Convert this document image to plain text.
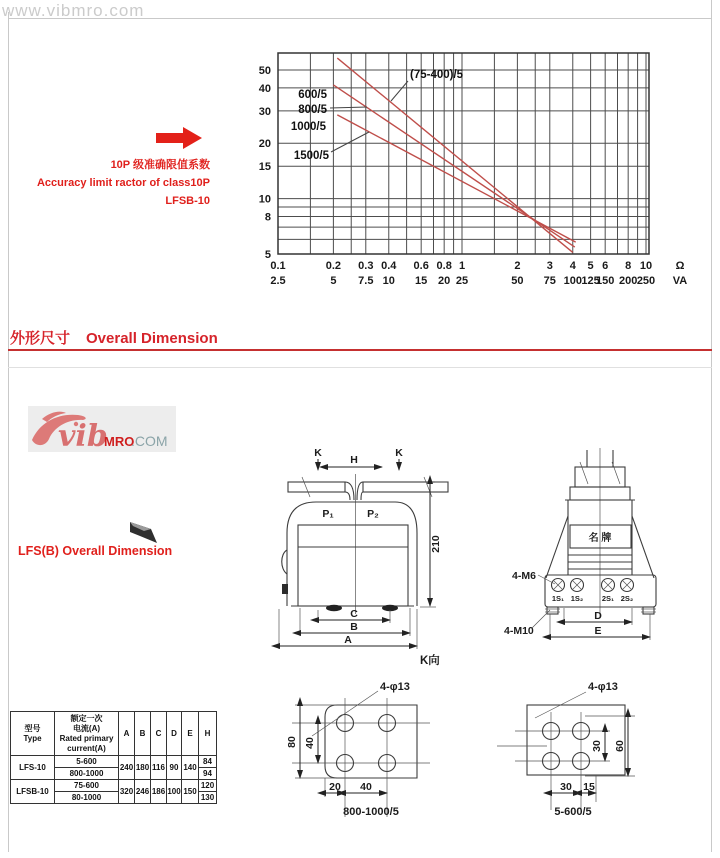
www.vibmro.com
10P 级准确限值系数
Accuracy limit ractor of class10P
LFSB-10
50
40
30
20
15
10
8
5
0.1
2.5
0.2
5
0.3
7.5
0.4
10
0.6
15
0.8
20
1
25
2
50
3
75
4
100
5
125
6
150
8
200
10
250
Ω
VA
(75-400)/5
600/5
800/5
1000/5
1500/5
外形尺寸 Overall Dimension
vib
MRO
.COM
LFS(B) Overall Dimension
K	K
H
P₁	P₂
210
C
B
A
K向
名 牌
1S₁ 1S₂ 2S₁ 2S₂
4-M6
4-M10
D
E
80 40
20 40
4-φ13
800-1000/5
30 60
30 15
4-φ13
5-600/5
型号
Type	额定一次
电流(A)
Rated primary
current(A)	A	B	C	D	E	H
LFS-10	5-600	240	180	116	90	140	84
	800-1000						94
LFSB-10	75-600	320	246	186	100	150	120
	80-1000						130
